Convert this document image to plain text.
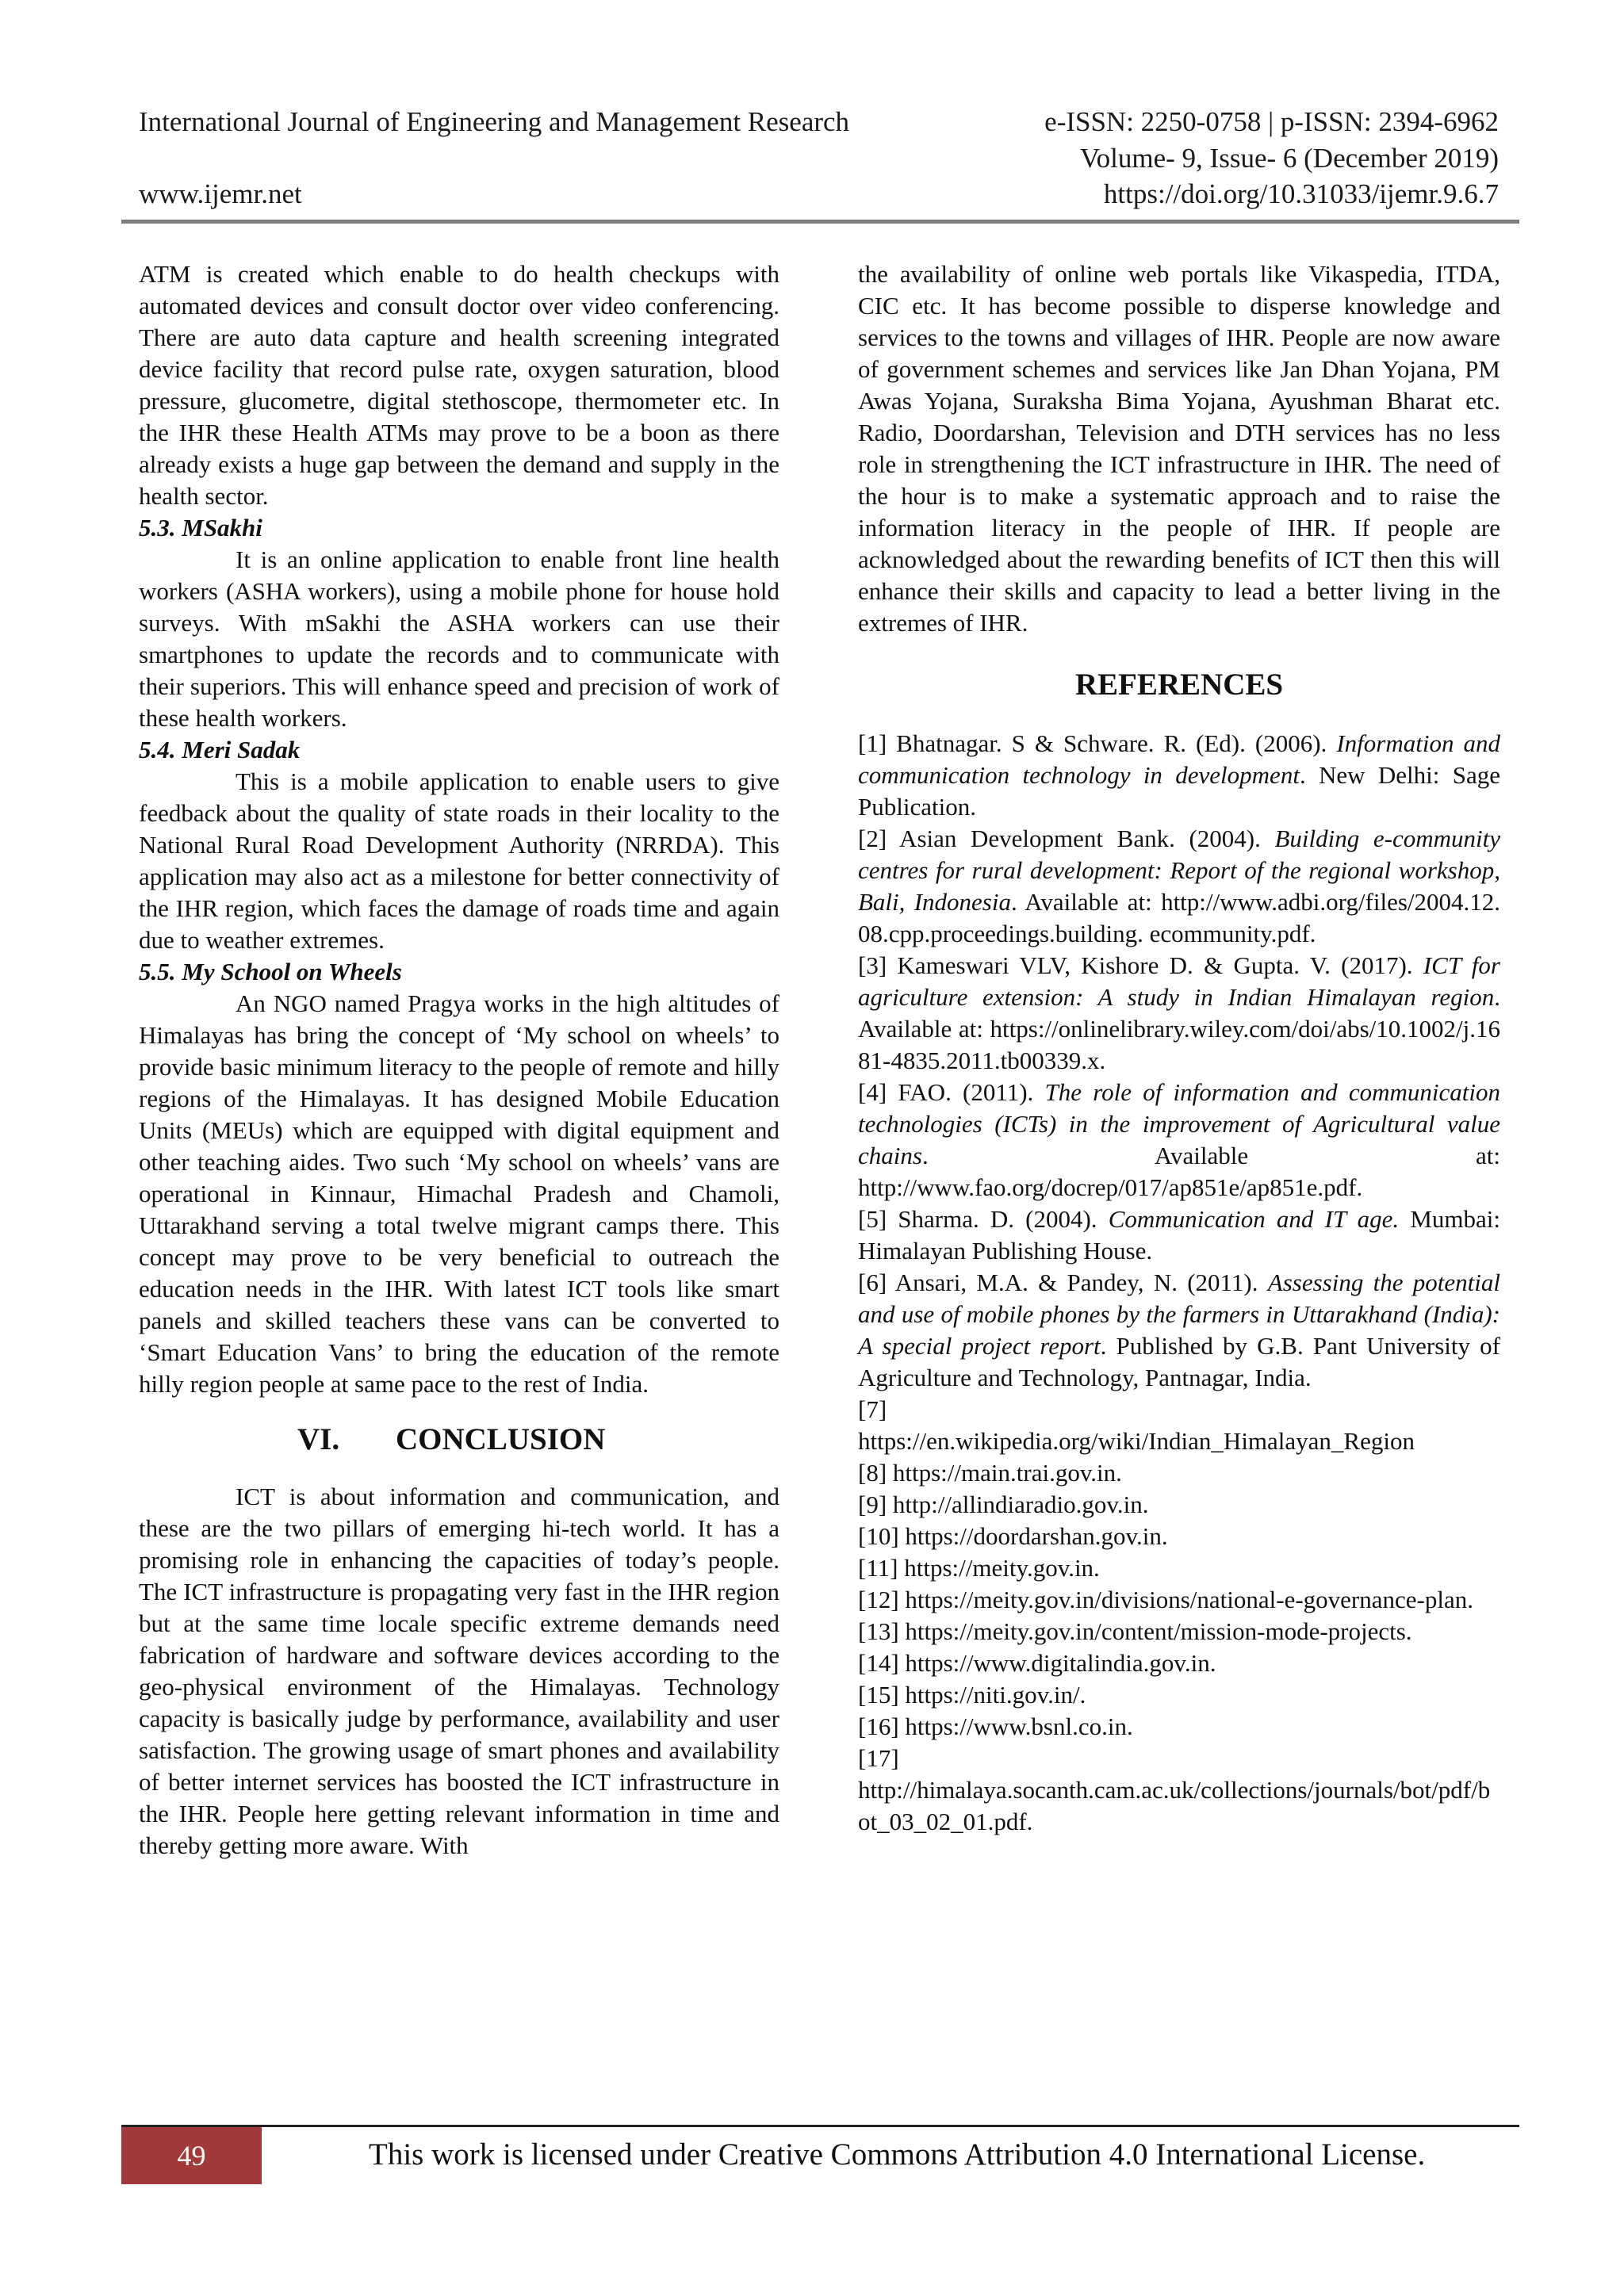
International Journal of Engineering and Management Research	e-ISSN: 2250-0758 | p-ISSN: 2394-6962
Volume- 9, Issue- 6 (December 2019)
www.ijemr.net	https://doi.org/10.31033/ijemr.9.6.7

ATM is created which enable to do health checkups with automated devices and consult doctor over video conferencing. There are auto data capture and health screening integrated device facility that record pulse rate, oxygen saturation, blood pressure, glucometre, digital stethoscope, thermometer etc. In the IHR these Health ATMs may prove to be a boon as there already exists a huge gap between the demand and supply in the health sector.

5.3. MSakhi

It is an online application to enable front line health workers (ASHA workers), using a mobile phone for house hold surveys. With mSakhi the ASHA workers can use their smartphones to update the records and to communicate with their superiors. This will enhance speed and precision of work of these health workers.

5.4. Meri Sadak

This is a mobile application to enable users to give feedback about the quality of state roads in their locality to the National Rural Road Development Authority (NRRDA). This application may also act as a milestone for better connectivity of the IHR region, which faces the damage of roads time and again due to weather extremes.

5.5. My School on Wheels

An NGO named Pragya works in the high altitudes of Himalayas has bring the concept of ‘My school on wheels’ to provide basic minimum literacy to the people of remote and hilly regions of the Himalayas. It has designed Mobile Education Units (MEUs) which are equipped with digital equipment and other teaching aides. Two such ‘My school on wheels’ vans are operational in Kinnaur, Himachal Pradesh and Chamoli, Uttarakhand serving a total twelve migrant camps there. This concept may prove to be very beneficial to outreach the education needs in the IHR. With latest ICT tools like smart panels and skilled teachers these vans can be converted to ‘Smart Education Vans’ to bring the education of the remote hilly region people at same pace to the rest of India.

VI. CONCLUSION

ICT is about information and communication, and these are the two pillars of emerging hi-tech world. It has a promising role in enhancing the capacities of today’s people. The ICT infrastructure is propagating very fast in the IHR region but at the same time locale specific extreme demands need fabrication of hardware and software devices according to the geo-physical environment of the Himalayas. Technology capacity is basically judge by performance, availability and user satisfaction. The growing usage of smart phones and availability of better internet services has boosted the ICT infrastructure in the IHR. People here getting relevant information in time and thereby getting more aware. With

the availability of online web portals like Vikaspedia, ITDA, CIC etc. It has become possible to disperse knowledge and services to the towns and villages of IHR. People are now aware of government schemes and services like Jan Dhan Yojana, PM Awas Yojana, Suraksha Bima Yojana, Ayushman Bharat etc. Radio, Doordarshan, Television and DTH services has no less role in strengthening the ICT infrastructure in IHR. The need of the hour is to make a systematic approach and to raise the information literacy in the people of IHR. If people are acknowledged about the rewarding benefits of ICT then this will enhance their skills and capacity to lead a better living in the extremes of IHR.

REFERENCES

[1] Bhatnagar. S & Schware. R. (Ed). (2006). Information and communication technology in development. New Delhi: Sage Publication.

[2] Asian Development Bank. (2004). Building e-community centres for rural development: Report of the regional workshop, Bali, Indonesia. Available at: http://www.adbi.org/files/2004.12.08.cpp.proceedings.building. ecommunity.pdf.

[3] Kameswari VLV, Kishore D. & Gupta. V. (2017). ICT for agriculture extension: A study in Indian Himalayan region. Available at: https://onlinelibrary.wiley.com/doi/abs/10.1002/j.1681-4835.2011.tb00339.x.

[4] FAO. (2011). The role of information and communication technologies (ICTs) in the improvement of Agricultural value chains. Available at: http://www.fao.org/docrep/017/ap851e/ap851e.pdf.

[5] Sharma. D. (2004). Communication and IT age. Mumbai: Himalayan Publishing House.

[6] Ansari, M.A. & Pandey, N. (2011). Assessing the potential and use of mobile phones by the farmers in Uttarakhand (India): A special project report. Published by G.B. Pant University of Agriculture and Technology, Pantnagar, India.

[7]
https://en.wikipedia.org/wiki/Indian_Himalayan_Region

[8] https://main.trai.gov.in.

[9] http://allindiaradio.gov.in.

[10] https://doordarshan.gov.in.

[11] https://meity.gov.in.

[12] https://meity.gov.in/divisions/national-e-governance-plan.

[13] https://meity.gov.in/content/mission-mode-projects.

[14] https://www.digitalindia.gov.in.

[15] https://niti.gov.in/.

[16] https://www.bsnl.co.in.

[17]
http://himalaya.socanth.cam.ac.uk/collections/journals/bot/pdf/bot_03_02_01.pdf.

49	This work is licensed under Creative Commons Attribution 4.0 International License.
